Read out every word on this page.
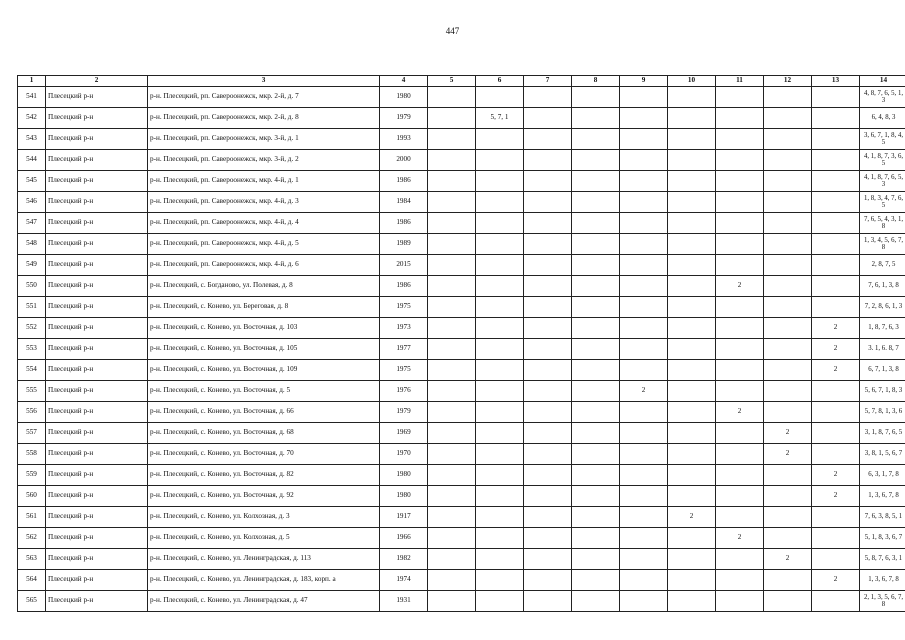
447
1	2	3	4	5	6	7	8	9	10	11	12	13	14
541	Плесецкий р-н	р-н. Плесецкий, рп. Савероонежск, мкр. 2-й, д. 7	1980										4, 8, 7, 6, 5, 1, 3
542	Плесецкий р-н	р-н. Плесецкий, рп. Савероонежск, мкр. 2-й, д. 8	1979		5, 7, 1								6, 4, 8, 3
543	Плесецкий р-н	р-н. Плесецкий, рп. Савероонежск, мкр. 3-й, д. 1	1993										3, 6, 7, 1, 8, 4, 5
544	Плесецкий р-н	р-н. Плесецкий, рп. Савероонежск, мкр. 3-й, д. 2	2000										4, 1, 8, 7, 3, 6, 5
545	Плесецкий р-н	р-н. Плесецкий, рп. Савероонежск, мкр. 4-й, д. 1	1986										4, 1, 8, 7, 6, 5, 3
546	Плесецкий р-н	р-н. Плесецкий, рп. Савероонежск, мкр. 4-й, д. 3	1984										1, 8, 3, 4, 7, 6, 5
547	Плесецкий р-н	р-н. Плесецкий, рп. Савероонежск, мкр. 4-й, д. 4	1986										7, 6, 5, 4, 3, 1, 8
548	Плесецкий р-н	р-н. Плесецкий, рп. Савероонежск, мкр. 4-й, д. 5	1989										1, 3, 4, 5, 6, 7, 8
549	Плесецкий р-н	р-н. Плесецкий, рп. Савероонежск, мкр. 4-й, д. 6	2015										2, 8, 7, 5
550	Плесецкий р-н	р-н. Плесецкий, с. Богданово, ул. Полевая, д. 8	1986							2			7, 6, 1, 3, 8
551	Плесецкий р-н	р-н. Плесецкий, с. Конево, ул. Береговая, д. 8	1975										7, 2, 8, 6, 1, 3
552	Плесецкий р-н	р-н. Плесецкий, с. Конево, ул. Восточная, д. 103	1973									2	1, 8, 7, 6, 3
553	Плесецкий р-н	р-н. Плесецкий, с. Конево, ул. Восточная, д. 105	1977									2	3. 1, 6. 8, 7
554	Плесецкий р-н	р-н. Плесецкий, с. Конево, ул. Восточная, д. 109	1975									2	6, 7, 1, 3, 8
555	Плесецкий р-н	р-н. Плесецкий, с. Конево, ул. Восточная, д. 5	1976					2					5, 6, 7, 1, 8, 3
556	Плесецкий р-н	р-н. Плесецкий, с. Конево, ул. Восточная, д. 66	1979							2			5, 7, 8, 1, 3, 6
557	Плесецкий р-н	р-н. Плесецкий, с. Конево, ул. Восточная, д. 68	1969								2		3, 1, 8, 7, 6, 5
558	Плесецкий р-н	р-н. Плесецкий, с. Конево, ул. Восточная, д. 70	1970								2		3, 8, 1, 5, 6, 7
559	Плесецкий р-н	р-н. Плесецкий, с. Конево, ул. Восточная, д. 82	1980									2	6, 3, 1, 7, 8
560	Плесецкий р-н	р-н. Плесецкий, с. Конево, ул. Восточная, д. 92	1980									2	1, 3, 6, 7, 8
561	Плесецкий р-н	р-н. Плесецкий, с. Конево, ул. Колхозная, д. 3	1917						2				7, 6, 3, 8, 5, 1
562	Плесецкий р-н	р-н. Плесецкий, с. Конево, ул. Колхозная, д. 5	1966							2			5, 1, 8, 3, 6, 7
563	Плесецкий р-н	р-н. Плесецкий, с. Конево, ул. Ленинградская, д. 113	1982								2		5, 8, 7, 6, 3, 1
564	Плесецкий р-н	р-н. Плесецкий, с. Конево, ул. Ленинградская, д. 183, корп. а	1974									2	1, 3, 6, 7, 8
565	Плесецкий р-н	р-н. Плесецкий, с. Конево, ул. Ленинградская, д. 47	1931										2, 1, 3, 5, 6, 7, 8
